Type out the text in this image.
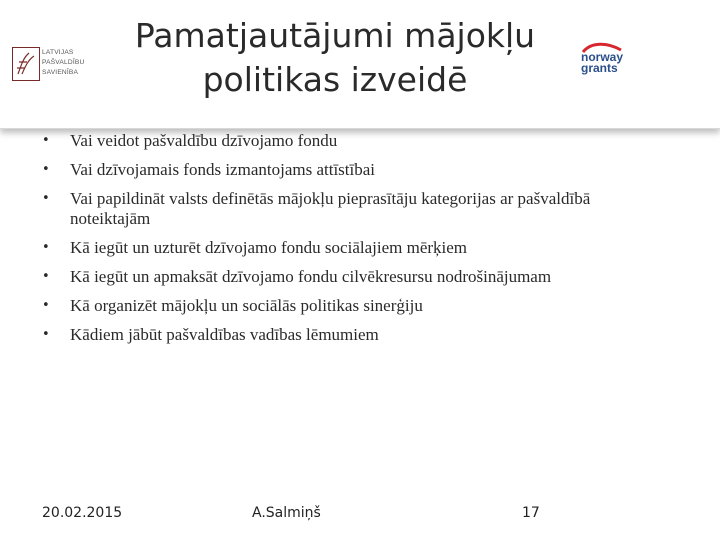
LATVIJAS
PAŠVALDĪBU
SAVIENĪBA
Pamatjautājumi mājokļu
politikas izveidē
norway
grants
•	Vai veidot pašvaldību dzīvojamo fondu
•	Vai dzīvojamais fonds izmantojams attīstībai
•	Vai papildināt valsts definētās mājokļu pieprasītāju kategorijas ar pašvaldībā noteiktajām
•	Kā iegūt un uzturēt dzīvojamo fondu sociālajiem mērķiem
•	Kā iegūt un apmaksāt dzīvojamo fondu cilvēkresursu nodrošinājumam
•	Kā organizēt mājokļu un sociālās politikas sinerģiju
•	Kādiem jābūt pašvaldības vadības lēmumiem
20.02.2015	A.Salmiņš	17
